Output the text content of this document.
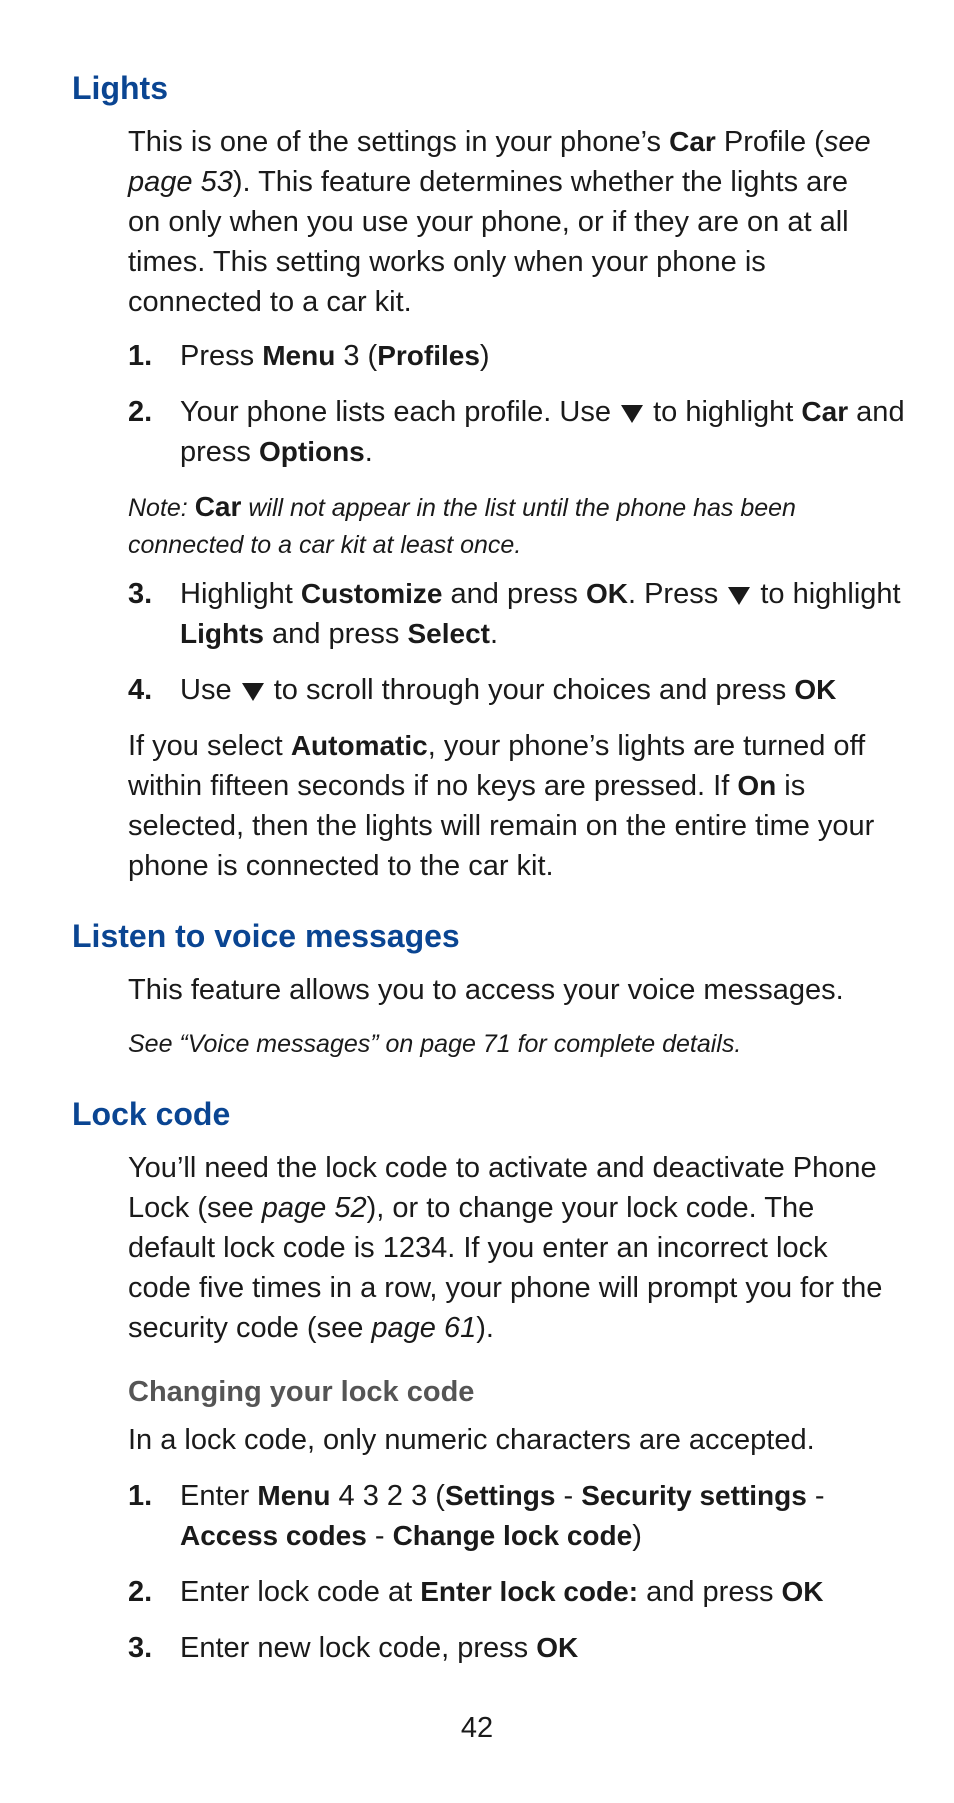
Lights

This is one of the settings in your phone’s Car Profile (see page 53). This feature determines whether the lights are on only when you use your phone, or if they are on at all times. This setting works only when your phone is connected to a car kit.

1. Press Menu 3 (Profiles)
2. Your phone lists each profile. Use  to highlight Car and press Options.

Note: Car will not appear in the list until the phone has been connected to a car kit at least once.

3. Highlight Customize and press OK. Press  to highlight Lights and press Select.
4. Use  to scroll through your choices and press OK

If you select Automatic, your phone’s lights are turned off within fifteen seconds if no keys are pressed. If On is selected, then the lights will remain on the entire time your phone is connected to the car kit.

Listen to voice messages

This feature allows you to access your voice messages.

See “Voice messages” on page 71 for complete details.

Lock code

You’ll need the lock code to activate and deactivate Phone Lock (see page 52), or to change your lock code. The default lock code is 1234. If you enter an incorrect lock code five times in a row, your phone will prompt you for the security code (see page 61).

Changing your lock code

In a lock code, only numeric characters are accepted.

1. Enter Menu 4 3 2 3 (Settings - Security settings - Access codes - Change lock code)
2. Enter lock code at Enter lock code: and press OK
3. Enter new lock code, press OK
42
